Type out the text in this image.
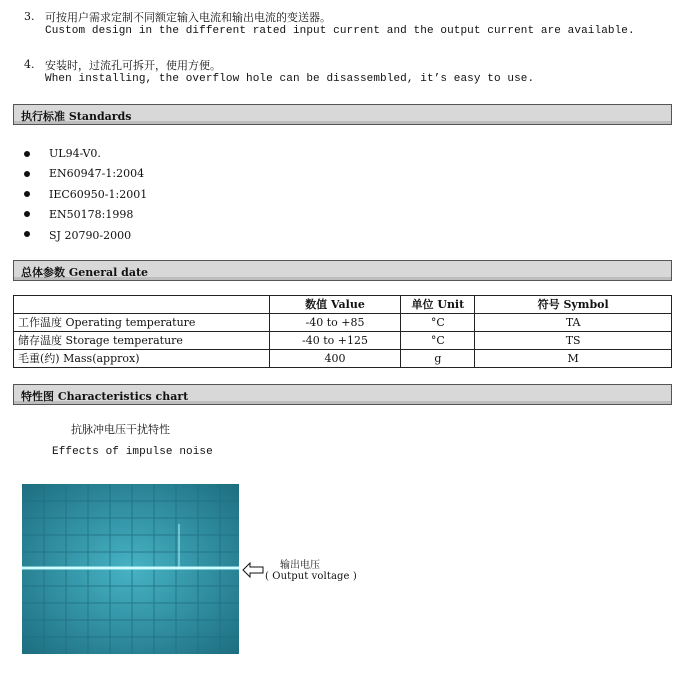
3. 可按用户需求定制不同额定输入电流和输出电流的变送器。
Custom design in the different rated input current and the output current are available.
4. 安装时，过流孔可拆开，使用方便。
When installing, the overflow hole can be disassembled, it’s easy to use.
执行标准 Standards
UL94-V0.
EN60947-1:2004
IEC60950-1:2001
EN50178:1998
SJ 20790-2000
总体参数 General date
	数值 Value	单位 Unit	符号 Symbol
工作温度 Operating temperature	-40 to +85	°C	TA
储存温度 Storage temperature	-40 to +125	°C	TS
毛重(约) Mass(approx)	400	g	M
特性图 Characteristics chart
抗脉冲电压干扰特性
Effects of impulse noise
输出电压
( Output voltage )
